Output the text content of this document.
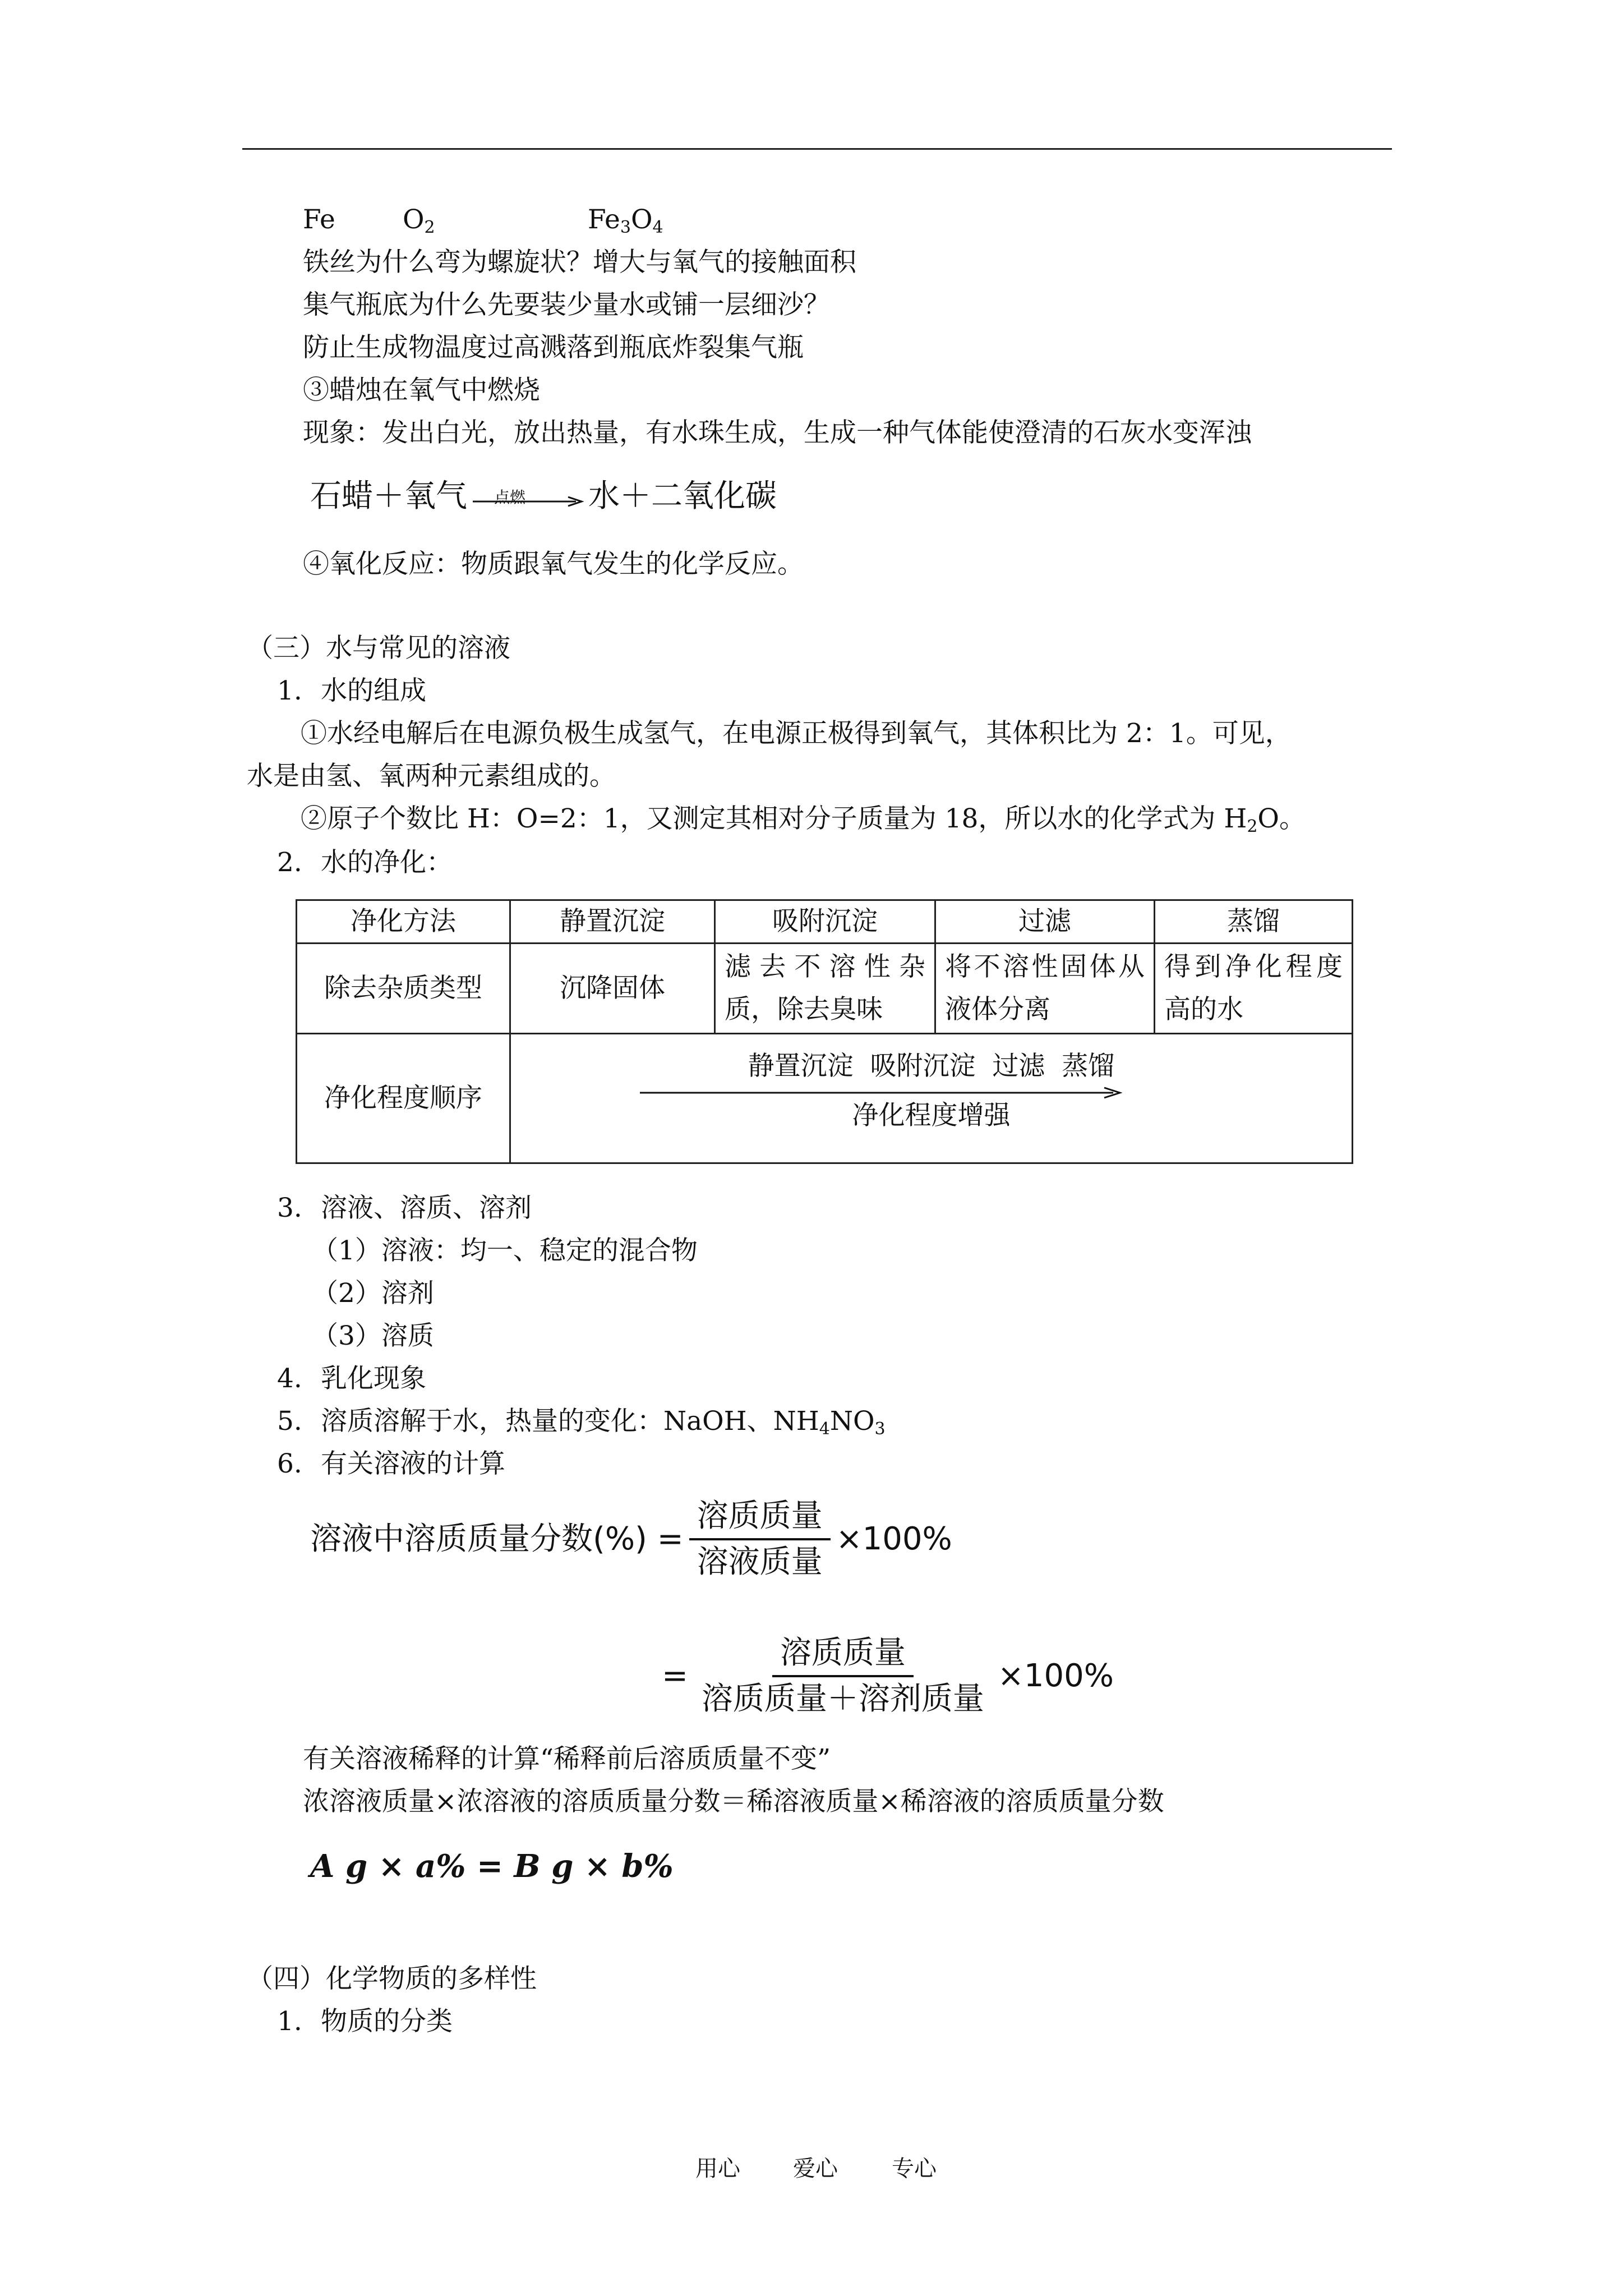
Fe	$O_2$	$Fe_3O_4$
铁丝为什么弯为螺旋状？增大与氧气的接触面积
集气瓶底为什么先要装少量水或铺一层细沙？
防止生成物温度过高溅落到瓶底炸裂集气瓶
③蜡烛在氧气中燃烧
现象：发出白光，放出热量，有水珠生成，生成一种气体能使澄清的石灰水变浑浊
石蜡＋氧气 点燃 水＋二氧化碳
④氧化反应：物质跟氧气发生的化学反应。
（三）水与常见的溶液
1. 水的组成
①水经电解后在电源负极生成氢气，在电源正极得到氧气，其体积比为 2：1。可见，
水是由氢、氧两种元素组成的。
②原子个数比 H：O=2：1，又测定其相对分子质量为 18，所以水的化学式为 $H_2O$。
2. 水的净化：
净化方法	静置沉淀	吸附沉淀	过滤	蒸馏
除去杂质类型	沉降固体	滤去不溶性杂质，除去臭味	将不溶性固体从液体分离	得到净化程度高的水
净化程度顺序	静置沉淀  吸附沉淀  过滤  蒸馏
净化程度增强			
3. 溶液、溶质、溶剂
（1）溶液：均一、稳定的混合物
（2）溶剂
（3）溶质
4. 乳化现象
5. 溶质溶解于水，热量的变化：NaOH、$NH_4NO_3$
6. 有关溶液的计算
溶液中溶质质量分数(%) = $\frac{\text{溶质质量}}{\text{溶液质量}} \times 100\%$
= $\frac{\text{溶质质量}}{\text{溶质质量＋溶剂质量}} \times 100\%$
有关溶液稀释的计算“稀释前后溶质质量不变”
浓溶液质量×浓溶液的溶质质量分数＝稀溶液质量×稀溶液的溶质质量分数
A g × a% = B g × b%
（四）化学物质的多样性
1. 物质的分类
用心 爱心 专心
